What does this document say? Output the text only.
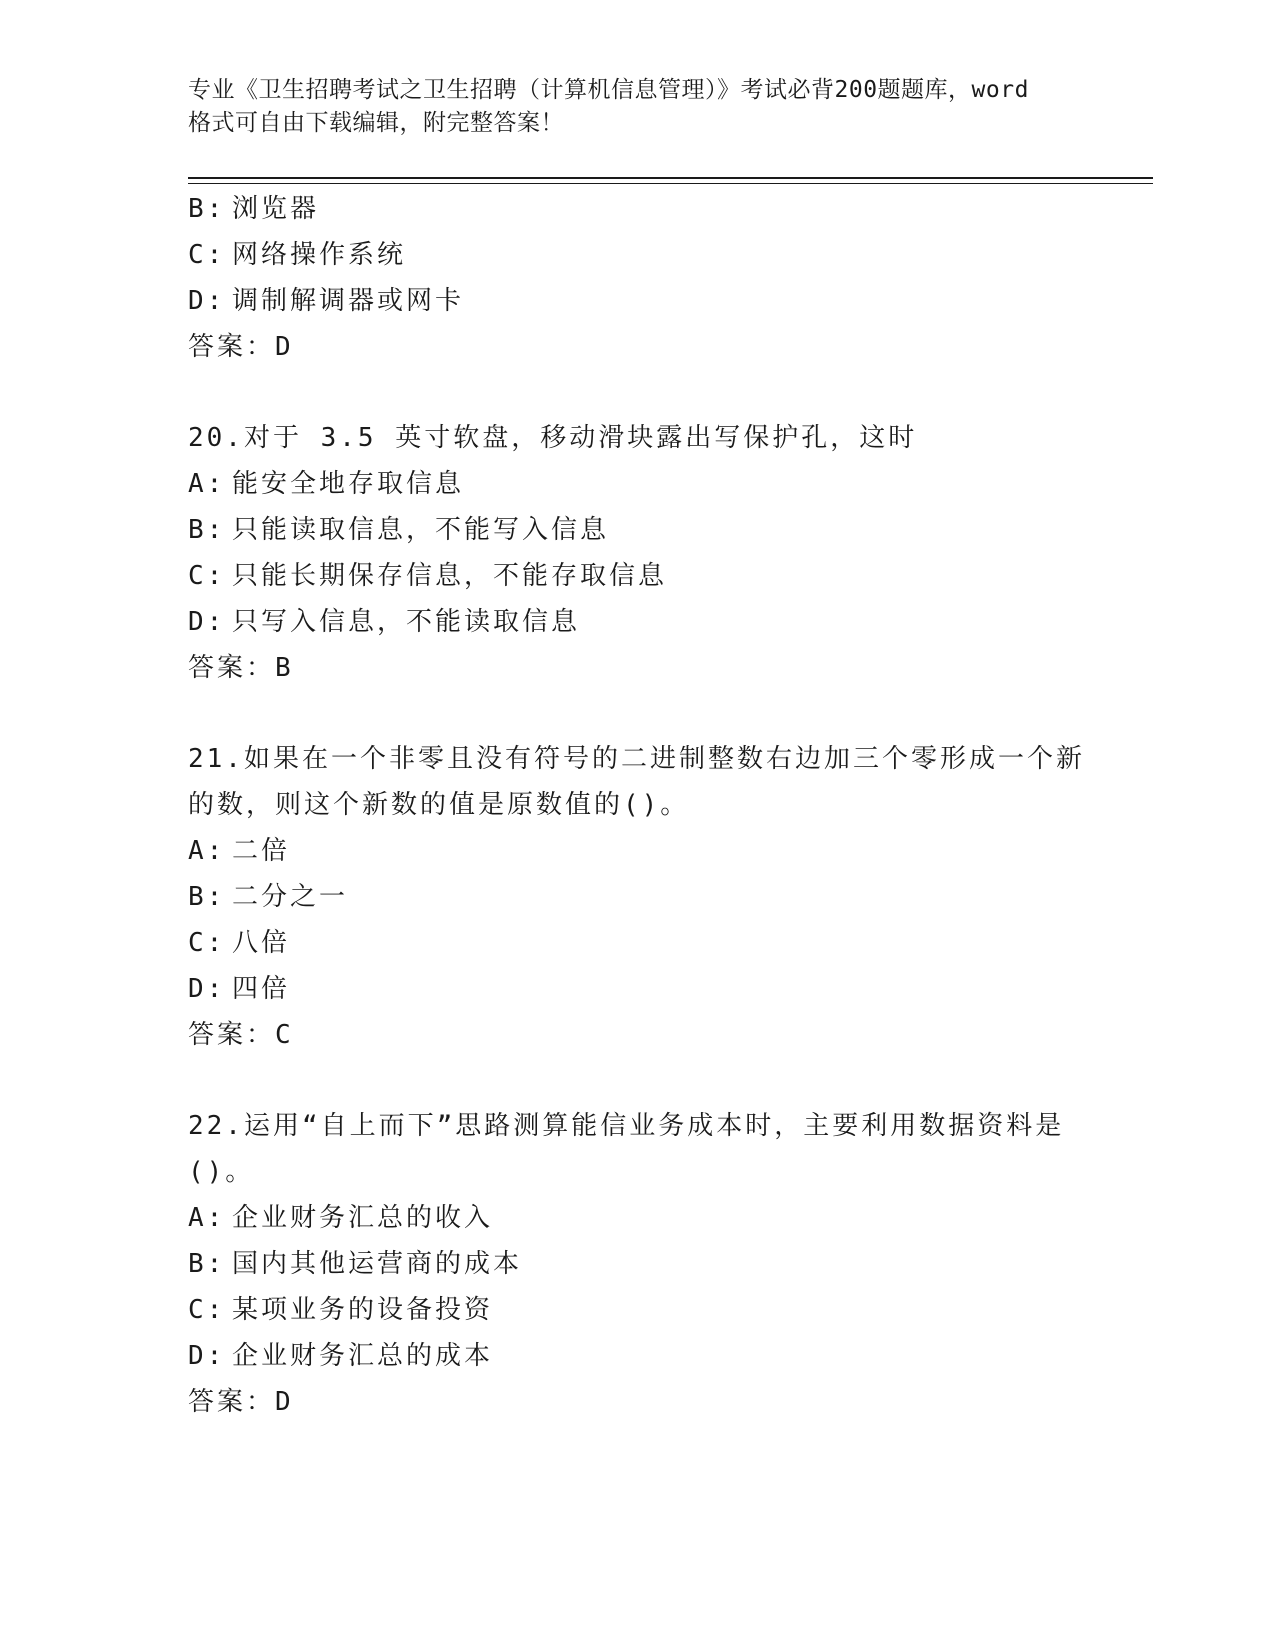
专业《卫生招聘考试之卫生招聘（计算机信息管理）》考试必背200题题库，word
格式可自由下载编辑，附完整答案！
B: 浏览器
C: 网络操作系统
D: 调制解调器或网卡
答案：D
20.对于 3.5 英寸软盘，移动滑块露出写保护孔，这时
A: 能安全地存取信息
B: 只能读取信息，不能写入信息
C: 只能长期保存信息，不能存取信息
D: 只写入信息，不能读取信息
答案：B
21.如果在一个非零且没有符号的二进制整数右边加三个零形成一个新
的数，则这个新数的值是原数值的()。
A: 二倍
B: 二分之一
C: 八倍
D: 四倍
答案：C
22.运用“自上而下”思路测算能信业务成本时，主要利用数据资料是
()。
A: 企业财务汇总的收入
B: 国内其他运营商的成本
C: 某项业务的设备投资
D: 企业财务汇总的成本
答案：D
